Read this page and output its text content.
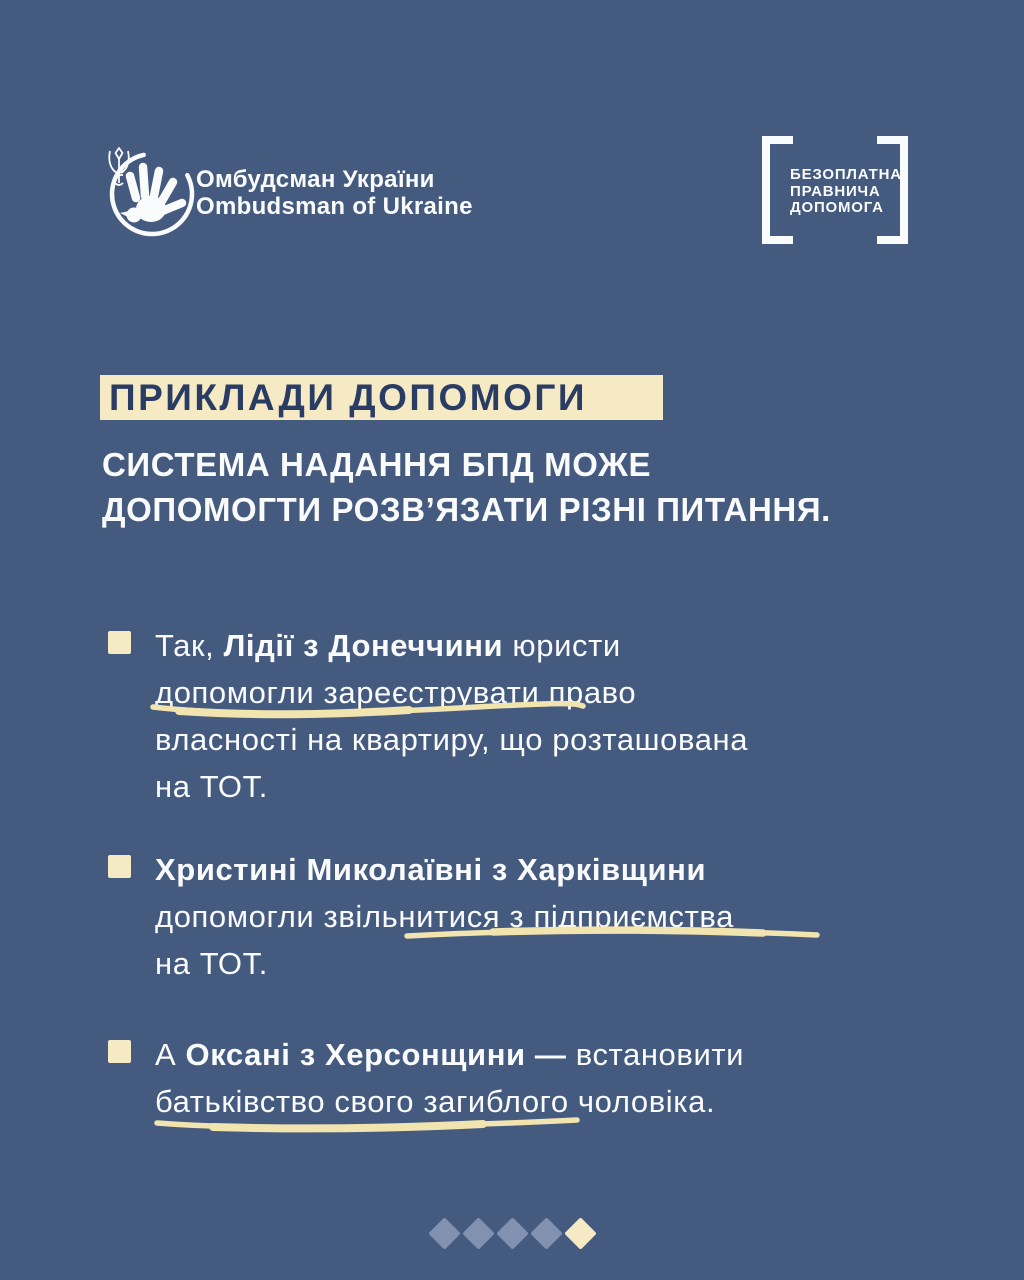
Омбудсман України
Ombudsman of Ukraine
БЕЗОПЛАТНА
ПРАВНИЧА
ДОПОМОГА
ПРИКЛАДИ ДОПОМОГИ
СИСТЕМА НАДАННЯ БПД МОЖЕ
ДОПОМОГТИ РОЗВ’ЯЗАТИ РІЗНІ ПИТАННЯ.
Так, Лідії з Донеччини юристи
допомогли зареєструвати право
власності на квартиру, що розташована
на ТОТ.
Христині Миколаївні з Харківщини
допомогли звільнитися з підприємства
на ТОТ.
А Оксані з Херсонщини — встановити
батьківство свого загиблого чоловіка.
